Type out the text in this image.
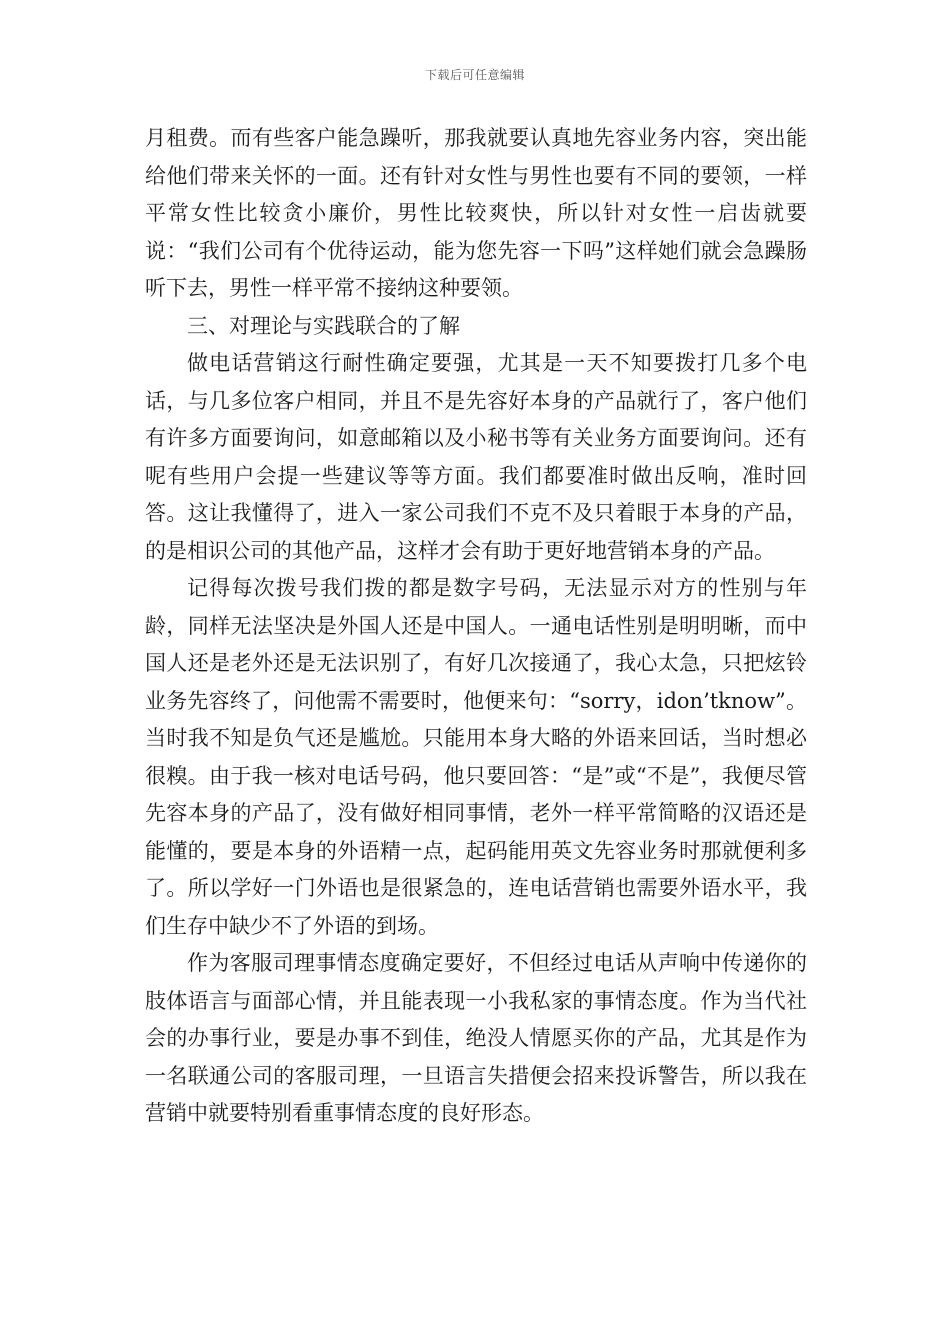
下载后可任意编辑

月租费。而有些客户能急躁听，那我就要认真地先容业务内容，突出能给他们带来关怀的一面。还有针对女性与男性也要有不同的要领，一样平常女性比较贪小廉价，男性比较爽快，所以针对女性一启齿就要说：“我们公司有个优待运动，能为您先容一下吗”这样她们就会急躁肠听下去，男性一样平常不接纳这种要领。

三、对理论与实践联合的了解

做电话营销这行耐性确定要强，尤其是一天不知要拨打几多个电话，与几多位客户相同，并且不是先容好本身的产品就行了，客户他们有许多方面要询问，如意邮箱以及小秘书等有关业务方面要询问。还有呢有些用户会提一些建议等等方面。我们都要准时做出反响，准时回答。这让我懂得了，进入一家公司我们不克不及只着眼于本身的产品，的是相识公司的其他产品，这样才会有助于更好地营销本身的产品。

记得每次拨号我们拨的都是数字号码，无法显示对方的性别与年龄，同样无法坚决是外国人还是中国人。一通电话性别是明明晰，而中国人还是老外还是无法识别了，有好几次接通了，我心太急，只把炫铃业务先容终了，问他需不需要时，他便来句：“sorry，idon’tknow”。当时我不知是负气还是尴尬。只能用本身大略的外语来回话，当时想必很糗。由于我一核对电话号码，他只要回答：“是”或“不是”，我便尽管先容本身的产品了，没有做好相同事情，老外一样平常简略的汉语还是能懂的，要是本身的外语精一点，起码能用英文先容业务时那就便利多了。所以学好一门外语也是很紧急的，连电话营销也需要外语水平，我们生存中缺少不了外语的到场。

作为客服司理事情态度确定要好，不但经过电话从声响中传递你的肢体语言与面部心情，并且能表现一小我私家的事情态度。作为当代社会的办事行业，要是办事不到佳，绝没人情愿买你的产品，尤其是作为一名联通公司的客服司理，一旦语言失措便会招来投诉警告，所以我在营销中就要特别看重事情态度的良好形态。
